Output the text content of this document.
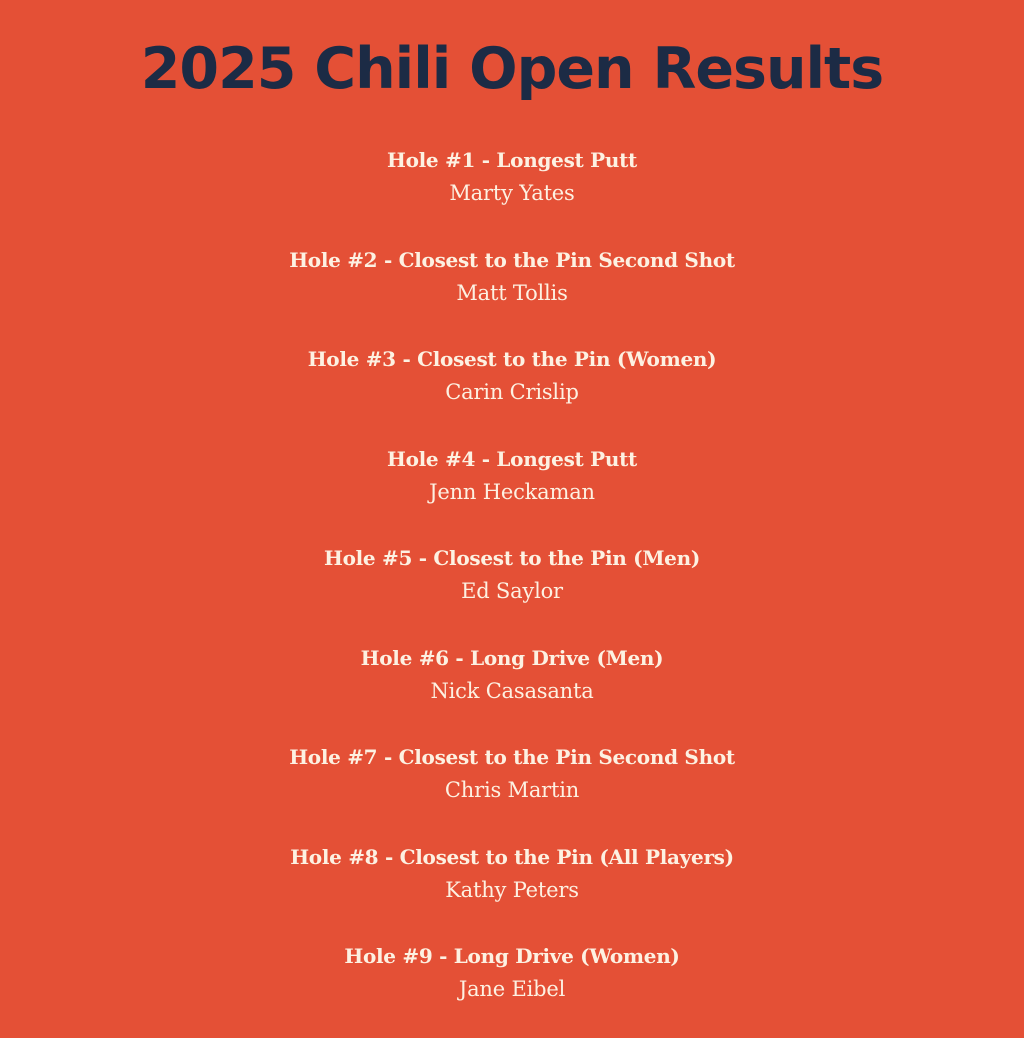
2025 Chili Open Results
Hole #1 - Longest Putt
Marty Yates
Hole #2 - Closest to the Pin Second Shot
Matt Tollis
Hole #3 - Closest to the Pin (Women)
Carin Crislip
Hole #4 - Longest Putt
Jenn Heckaman
Hole #5 - Closest to the Pin (Men)
Ed Saylor
Hole #6 - Long Drive (Men)
Nick Casasanta
Hole #7 - Closest to the Pin Second Shot
Chris Martin
Hole #8 - Closest to the Pin (All Players)
Kathy Peters
Hole #9 - Long Drive (Women)
Jane Eibel
